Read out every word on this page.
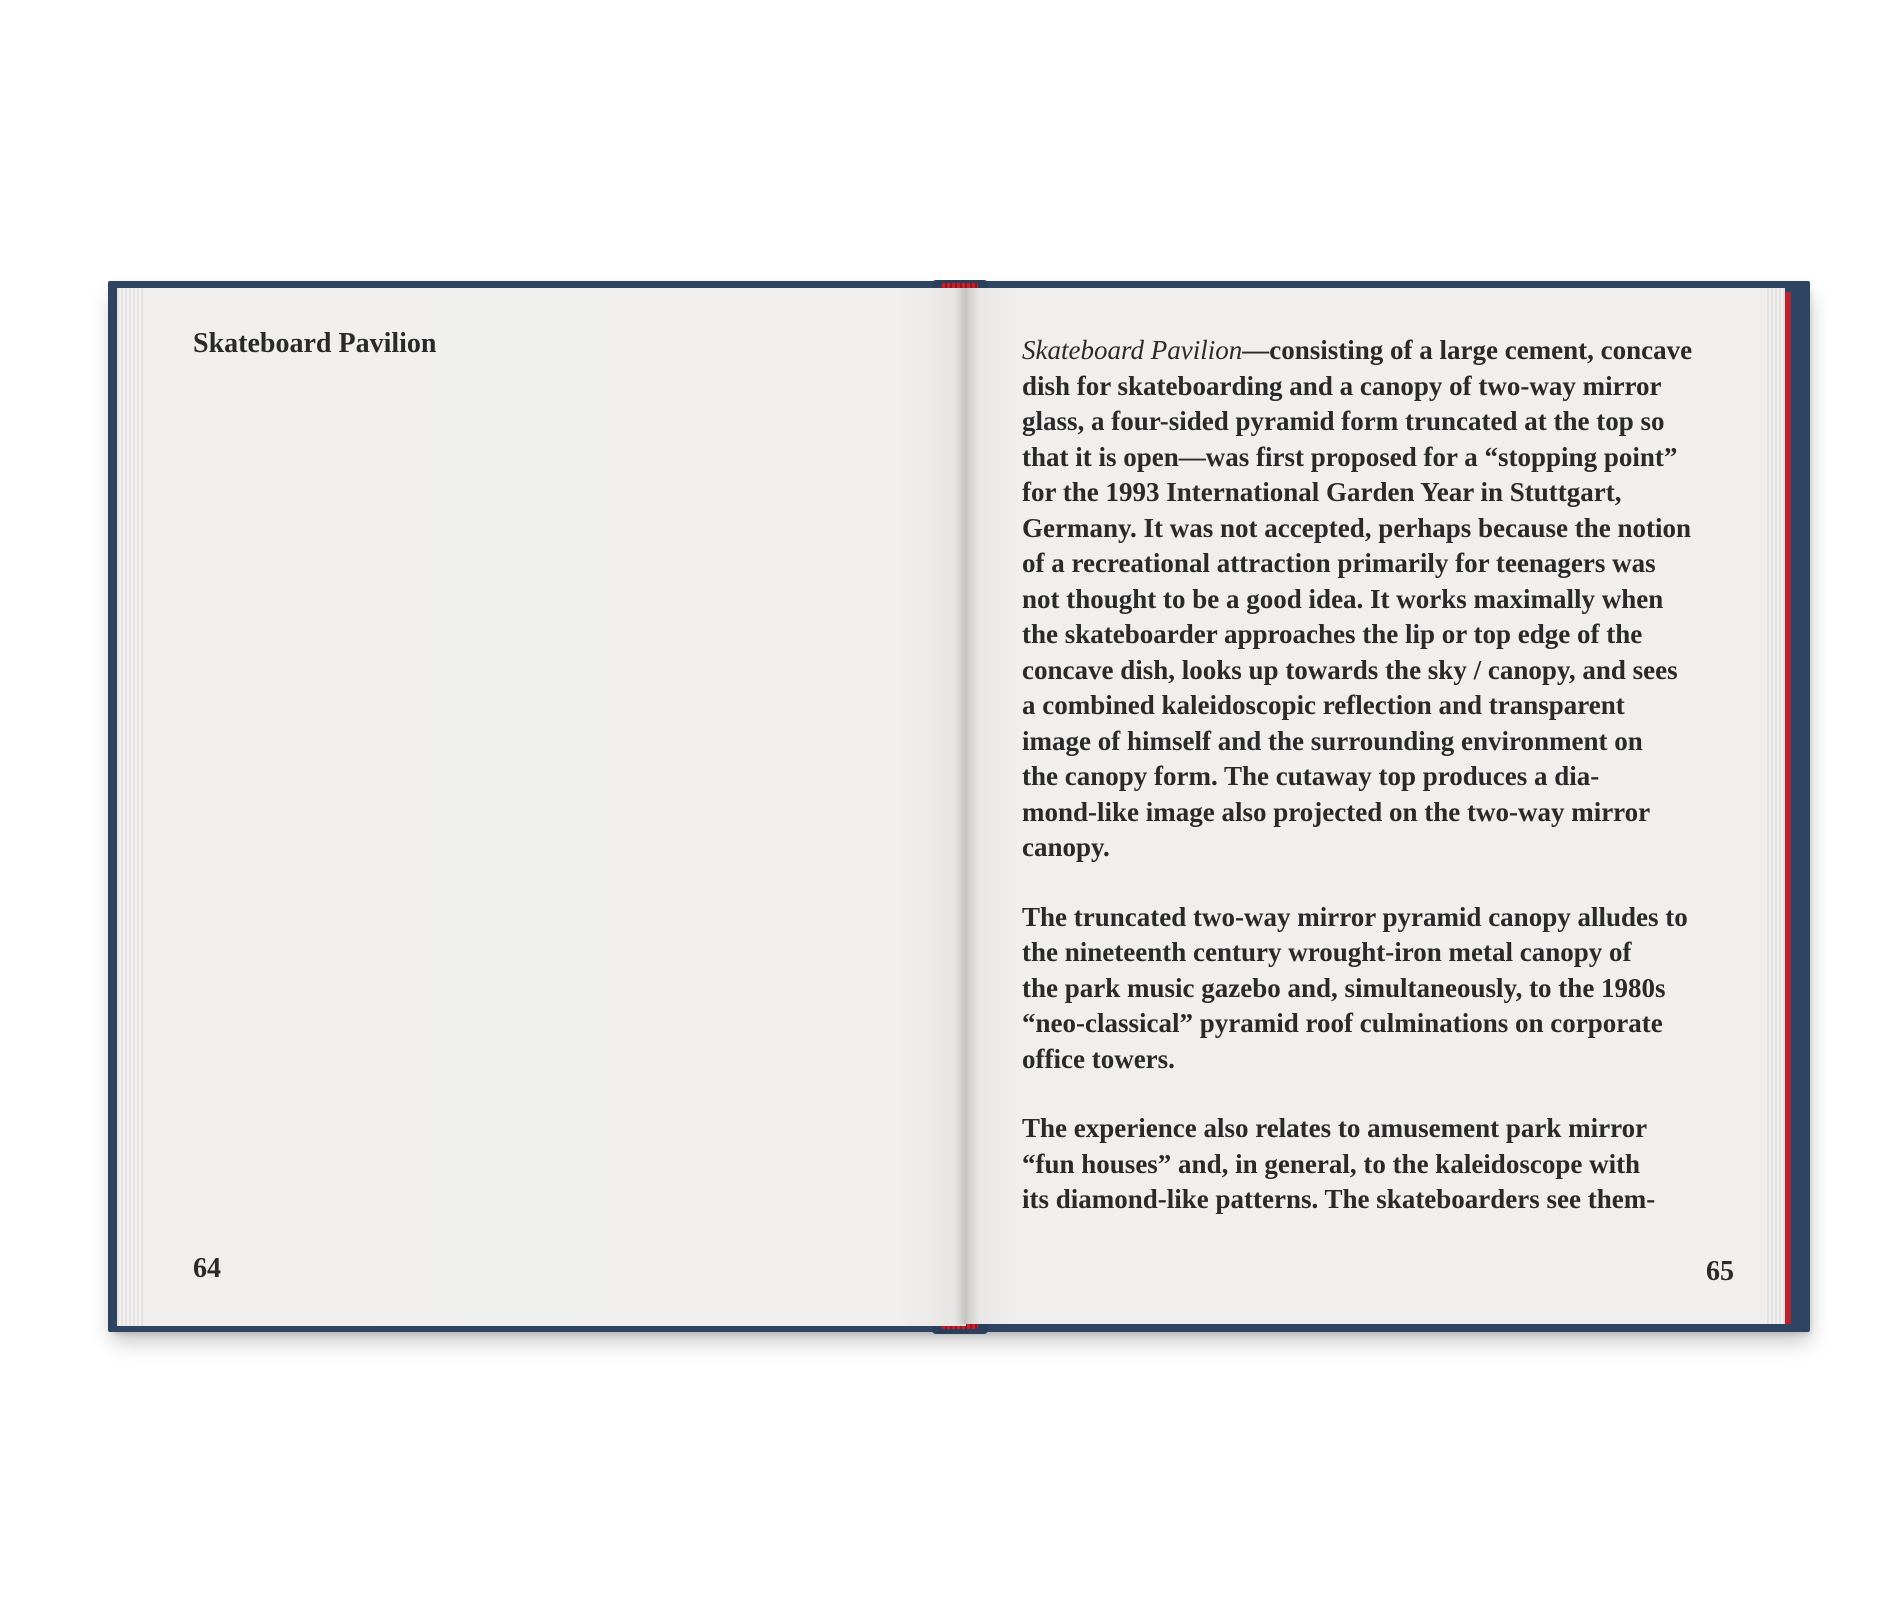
Skateboard Pavilion
64
Skateboard Pavilion—consisting of a large cement, concave
dish for skateboarding and a canopy of two-way mirror
glass, a four-sided pyramid form truncated at the top so
that it is open—was first proposed for a “stopping point”
for the 1993 International Garden Year in Stuttgart,
Germany. It was not accepted, perhaps because the notion
of a recreational attraction primarily for teenagers was
not thought to be a good idea. It works maximally when
the skateboarder approaches the lip or top edge of the
concave dish, looks up towards the sky / canopy, and sees
a combined kaleidoscopic reflection and transparent
image of himself and the surrounding environment on
the canopy form. The cutaway top produces a dia-
mond-like image also projected on the two-way mirror
canopy.
The truncated two-way mirror pyramid canopy alludes to
the nineteenth century wrought-iron metal canopy of
the park music gazebo and, simultaneously, to the 1980s
“neo-classical” pyramid roof culminations on corporate
office towers.
The experience also relates to amusement park mirror
“fun houses” and, in general, to the kaleidoscope with
its diamond-like patterns. The skateboarders see them-
65
